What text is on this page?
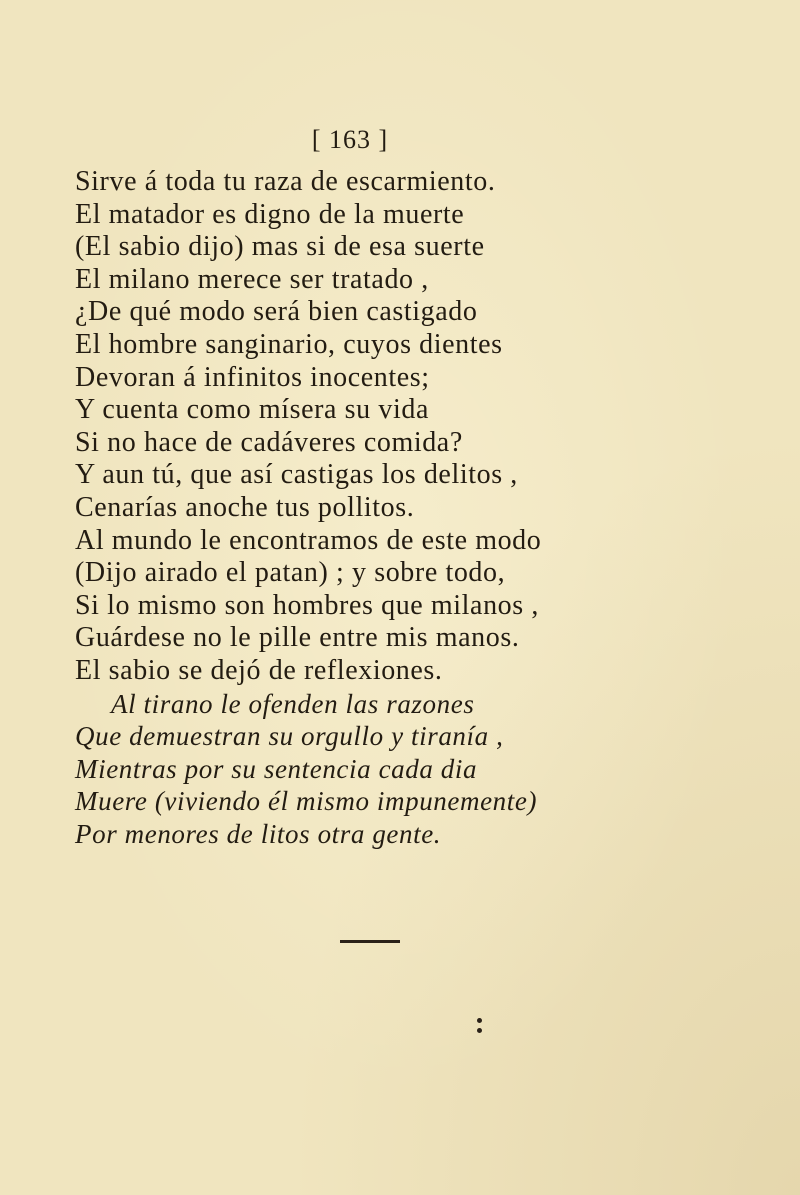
[ 163 ]
Sirve á toda tu raza de escarmiento.
El matador es digno de la muerte
(El sabio dijo) mas si de esa suerte
El milano merece ser tratado ,
¿De qué modo será bien castigado
El hombre sanginario, cuyos dientes
Devoran á infinitos inocentes;
Y cuenta como mísera su vida
Si no hace de cadáveres comida?
Y aun tú, que así castigas los delitos ,
Cenarías anoche tus pollitos.
Al mundo le encontramos de este modo
(Dijo airado el patan) ; y sobre todo,
Si lo mismo son hombres que milanos ,
Guárdese no le pille entre mis manos.
El sabio se dejó de reflexiones.
Al tirano le ofenden las razones
Que demuestran su orgullo y tiranía ,
Mientras por su sentencia cada dia
Muere (viviendo él mismo impunemente)
Por menores de litos otra gente.
